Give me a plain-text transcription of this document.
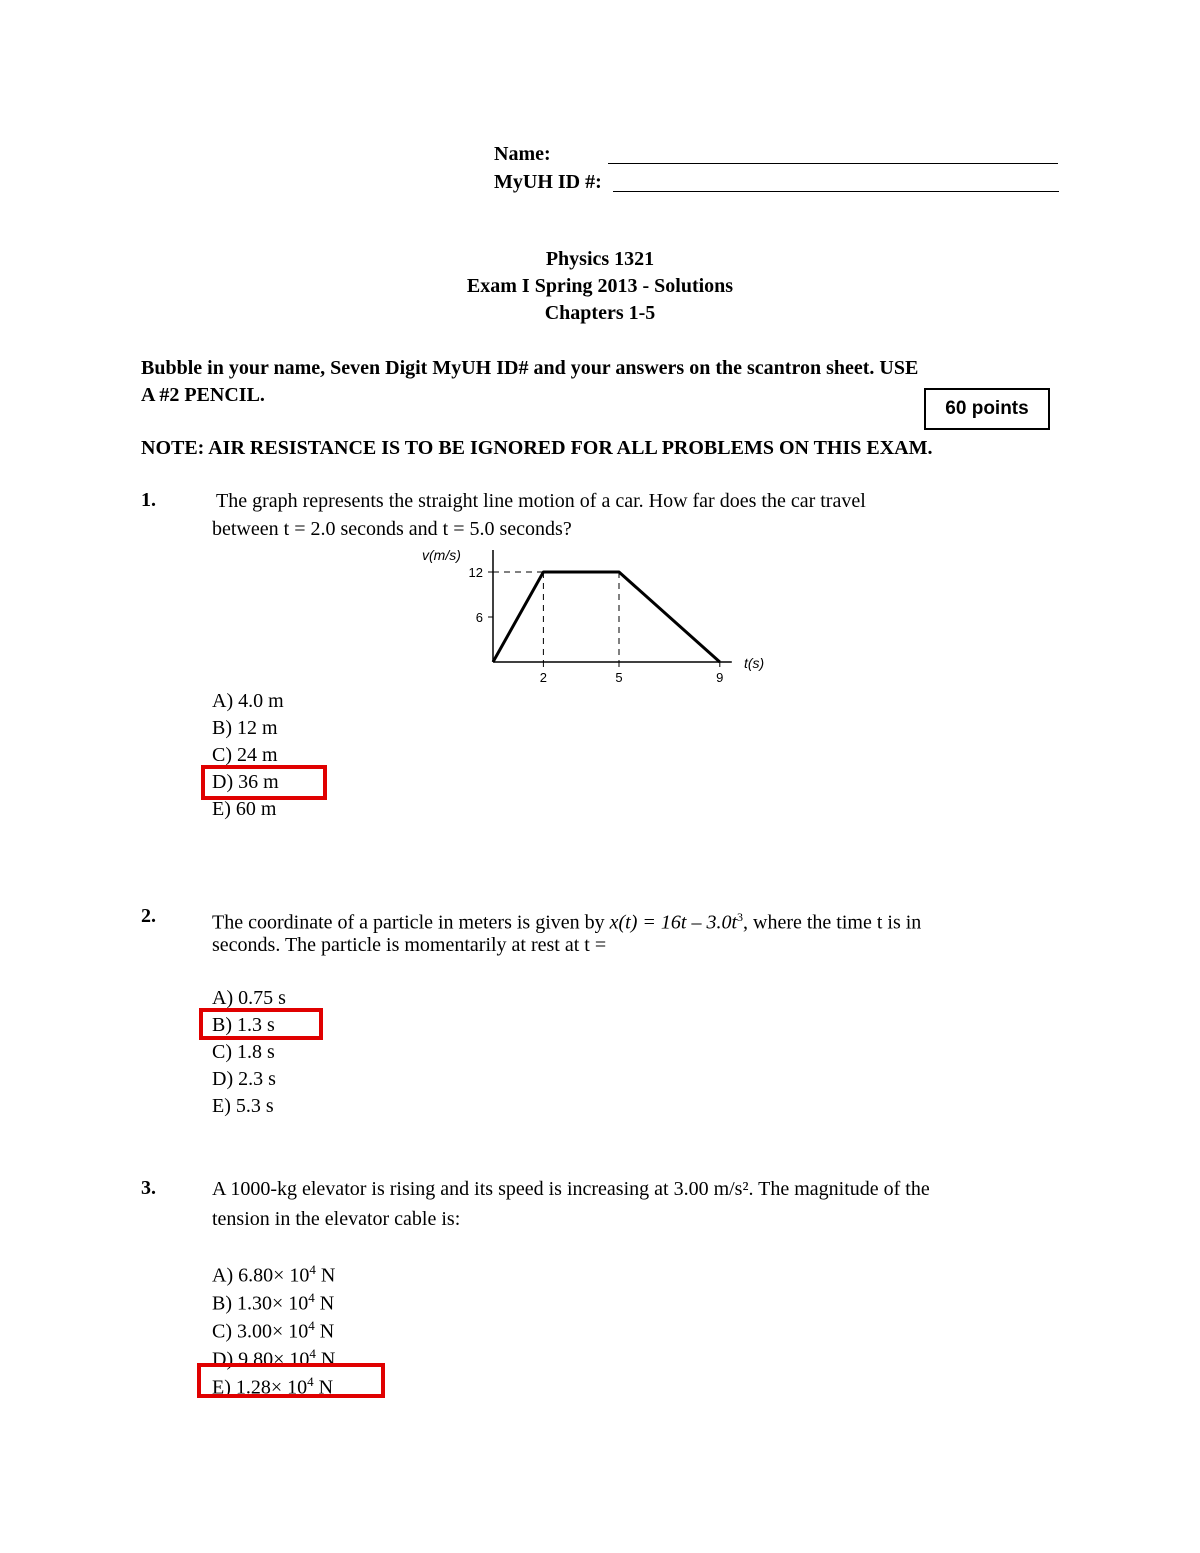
Name:
MyUH ID #:
Physics 1321
Exam I Spring 2013 - Solutions
Chapters 1-5
Bubble in your name, Seven Digit MyUH ID# and your answers on the scantron sheet. USE
A #2 PENCIL.
60 points
NOTE: AIR RESISTANCE IS TO BE IGNORED FOR ALL PROBLEMS ON THIS EXAM.
1.	The graph represents the straight line motion of a car. How far does the car travel
between t = 2.0 seconds and t = 5.0 seconds?
v(m/s)
t(s)
12
6
2	5	9
A) 4.0 m
B) 12 m
C) 24 m
D) 36 m
E) 60 m
2.	The coordinate of a particle in meters is given by $x(t) = 16t - 3.0t^3$, where the time t is in
seconds. The particle is momentarily at rest at t =
A) 0.75 s
B) 1.3 s
C) 1.8 s
D) 2.3 s
E) 5.3 s
3.	A 1000-kg elevator is rising and its speed is increasing at 3.00 m/s². The magnitude of the
tension in the elevator cable is:
A) $6.80\times 10^4$ N
B) $1.30\times 10^4$ N
C) $3.00\times 10^4$ N
D) $9.80\times 10^4$ N
E) $1.28\times 10^4$ N
